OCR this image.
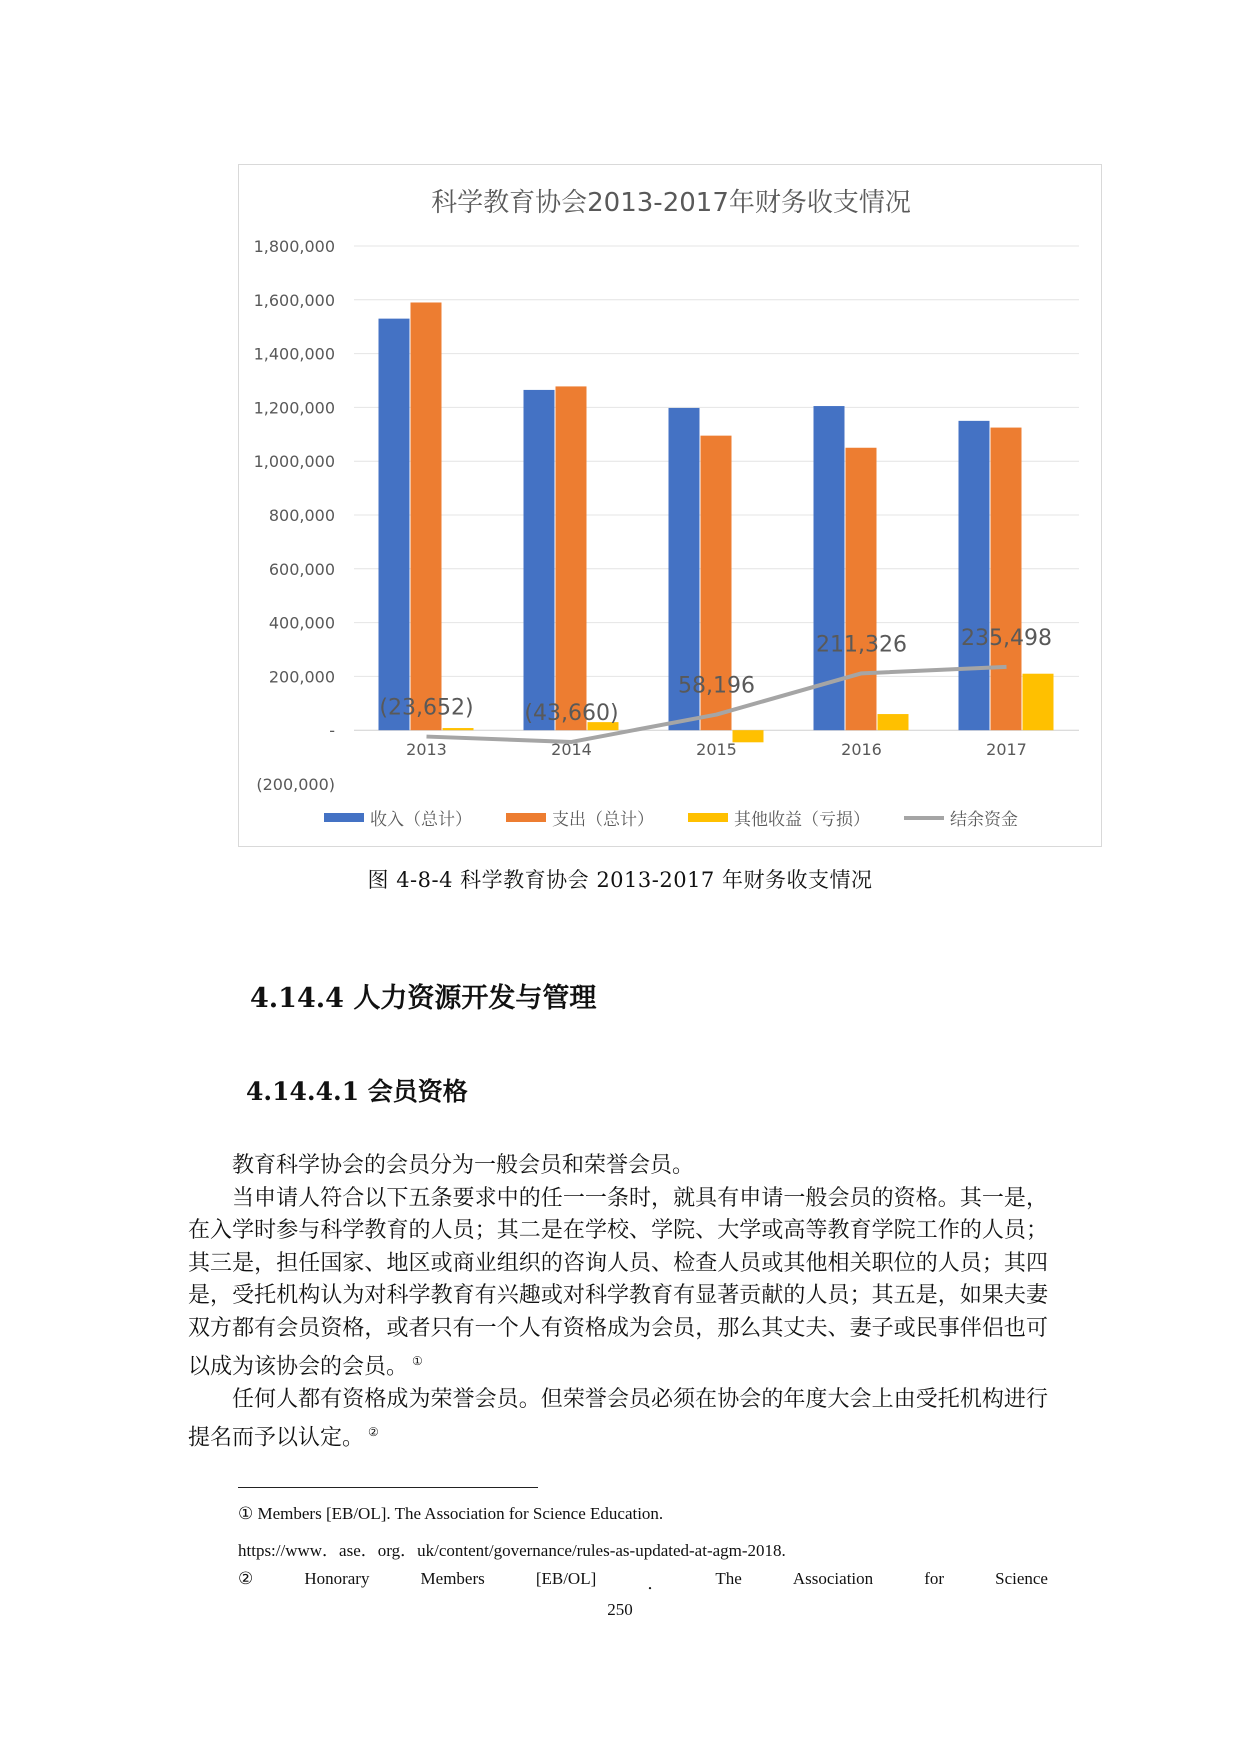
1,800,000
1,600,000
1,400,000
1,200,000
1,000,000
800,000
600,000
400,000
200,000
-
(200,000)
2013	2014	2015	2016	2017
(23,652) (43,660)
58,196
211,326 235,498
科学教育协会2013-2017年财务收支情况
收入（总计）	支出（总计）	其他收益（亏损）	结余资金
图 4-8-4 科学教育协会 2013-2017 年财务收支情况
4.14.4 人力资源开发与管理
4.14.4.1 会员资格

教育科学协会的会员分为一般会员和荣誉会员。

当申请人符合以下五条要求中的任一一条时，就具有申请一般会员的资格。其一是，在入学时参与科学教育的人员；其二是在学校、学院、大学或高等教育学院工作的人员；其三是，担任国家、地区或商业组织的咨询人员、检查人员或其他相关职位的人员；其四是，受托机构认为对科学教育有兴趣或对科学教育有显著贡献的人员；其五是，如果夫妻双方都有会员资格，或者只有一个人有资格成为会员，那么其丈夫、妻子或民事伴侣也可以成为该协会的会员。 ①

任何人都有资格成为荣誉会员。但荣誉会员必须在协会的年度大会上由受托机构进行提名而予以认定。 ②

① Members [EB/OL]. The Association for Science Education.
https://www．ase．org．uk/content/governance/rules-as-updated-at-agm-2018.
②	Honorary	Members	[EB/OL]	．	The	Association	for	Science
250
